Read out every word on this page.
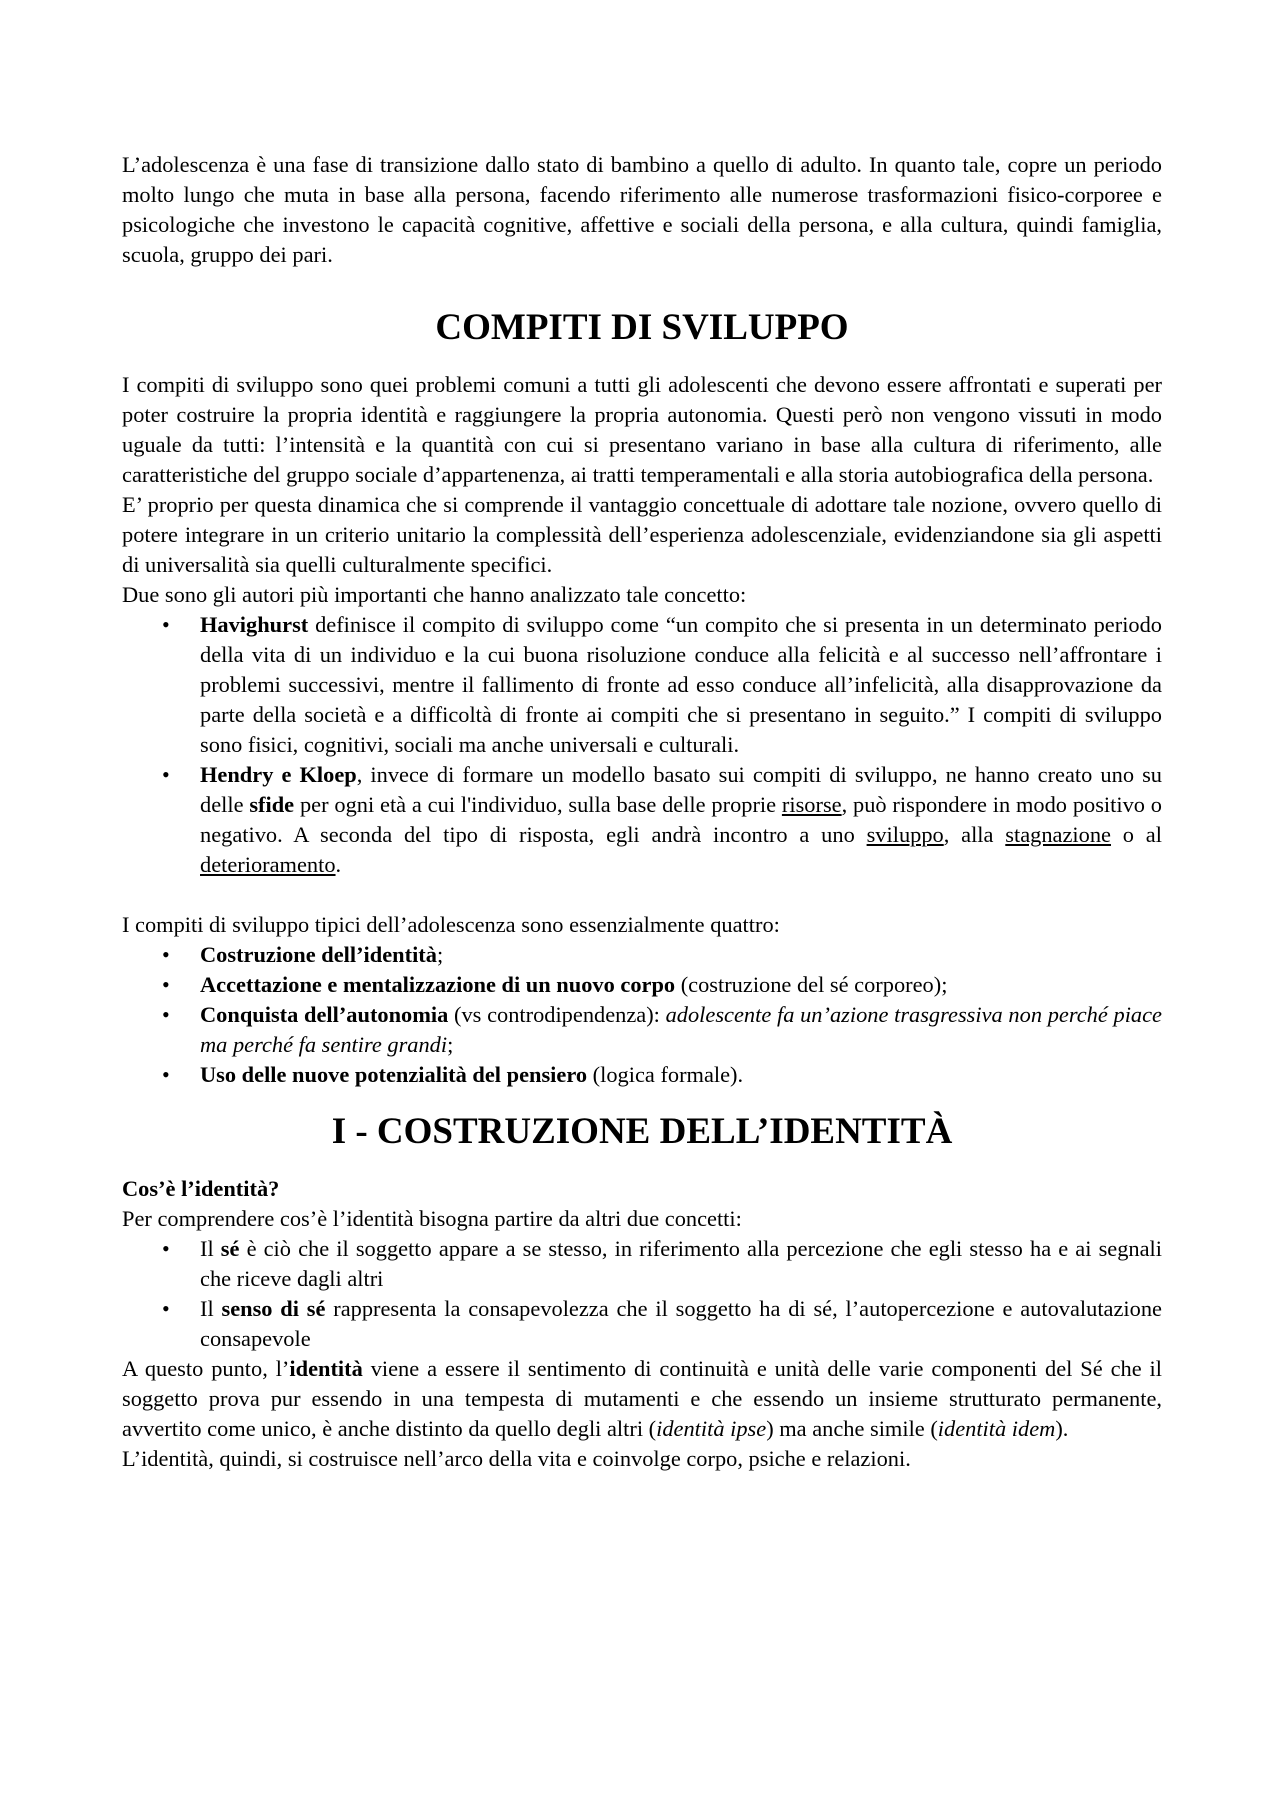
L’adolescenza è una fase di transizione dallo stato di bambino a quello di adulto. In quanto tale, copre un periodo molto lungo che muta in base alla persona, facendo riferimento alle numerose trasformazioni fisico-corporee e psicologiche che investono le capacità cognitive, affettive e sociali della persona, e alla cultura, quindi famiglia, scuola, gruppo dei pari.

COMPITI DI SVILUPPO

I compiti di sviluppo sono quei problemi comuni a tutti gli adolescenti che devono essere affrontati e superati per poter costruire la propria identità e raggiungere la propria autonomia. Questi però non vengono vissuti in modo uguale da tutti: l’intensità e la quantità con cui si presentano variano in base alla cultura di riferimento, alle caratteristiche del gruppo sociale d’appartenenza, ai tratti temperamentali e alla storia autobiografica della persona.

E’ proprio per questa dinamica che si comprende il vantaggio concettuale di adottare tale nozione, ovvero quello di potere integrare in un criterio unitario la complessità dell’esperienza adolescenziale, evidenziandone sia gli aspetti di universalità sia quelli culturalmente specifici.

Due sono gli autori più importanti che hanno analizzato tale concetto:

• Havighurst definisce il compito di sviluppo come “un compito che si presenta in un determinato periodo della vita di un individuo e la cui buona risoluzione conduce alla felicità e al successo nell’affrontare i problemi successivi, mentre il fallimento di fronte ad esso conduce all’infelicità, alla disapprovazione da parte della società e a difficoltà di fronte ai compiti che si presentano in seguito.” I compiti di sviluppo sono fisici, cognitivi, sociali ma anche universali e culturali.
• Hendry e Kloep, invece di formare un modello basato sui compiti di sviluppo, ne hanno creato uno su delle sfide per ogni età a cui l'individuo, sulla base delle proprie risorse, può rispondere in modo positivo o negativo. A seconda del tipo di risposta, egli andrà incontro a uno sviluppo, alla stagnazione o al deterioramento.

I compiti di sviluppo tipici dell’adolescenza sono essenzialmente quattro:

• Costruzione dell’identità;
• Accettazione e mentalizzazione di un nuovo corpo (costruzione del sé corporeo);
• Conquista dell’autonomia (vs controdipendenza): adolescente fa un’azione trasgressiva non perché piace ma perché fa sentire grandi;
• Uso delle nuove potenzialità del pensiero (logica formale).
I - COSTRUZIONE DELL’IDENTITÀ

Cos’è l’identità?

Per comprendere cos’è l’identità bisogna partire da altri due concetti:

• Il sé è ciò che il soggetto appare a se stesso, in riferimento alla percezione che egli stesso ha e ai segnali che riceve dagli altri
• Il senso di sé rappresenta la consapevolezza che il soggetto ha di sé, l’autopercezione e autovalutazione consapevole

A questo punto, l’identità viene a essere il sentimento di continuità e unità delle varie componenti del Sé che il soggetto prova pur essendo in una tempesta di mutamenti e che essendo un insieme strutturato permanente, avvertito come unico, è anche distinto da quello degli altri (identità ipse) ma anche simile (identità idem).

L’identità, quindi, si costruisce nell’arco della vita e coinvolge corpo, psiche e relazioni.
